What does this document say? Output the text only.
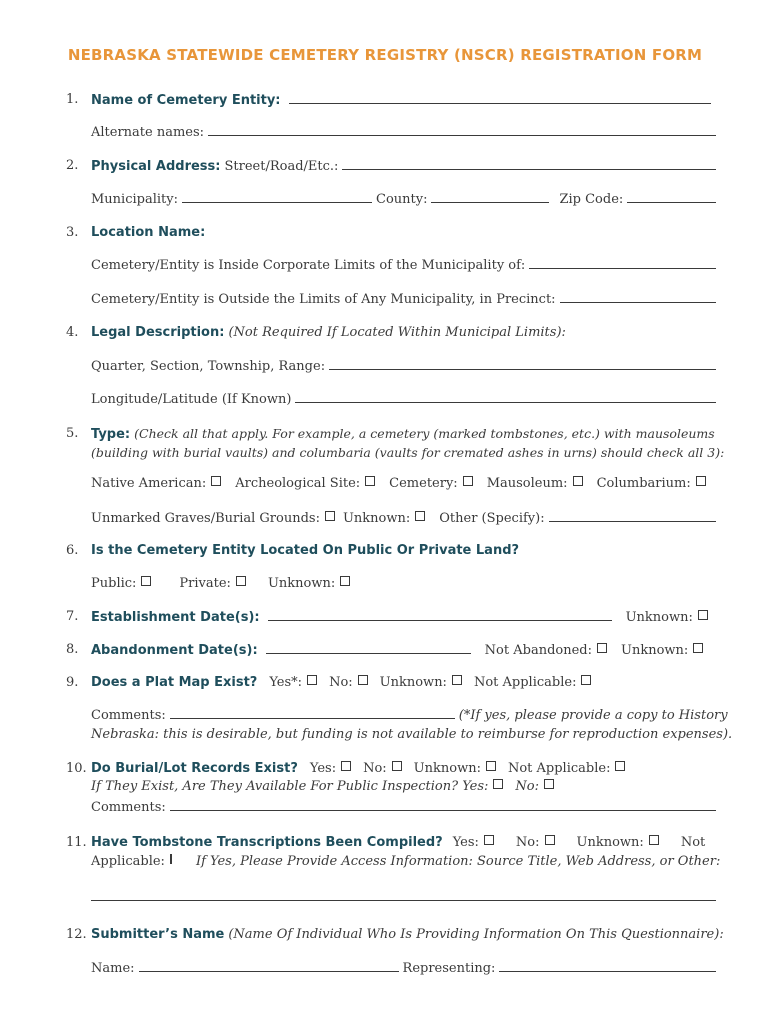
NEBRASKA STATEWIDE CEMETERY REGISTRY (NSCR) REGISTRATION FORM
1. Name of Cemetery Entity:
Alternate names:
2. Physical Address: Street/Road/Etc.:
Municipality:	County:	Zip Code:
3. Location Name:
Cemetery/Entity is Inside Corporate Limits of the Municipality of:
Cemetery/Entity is Outside the Limits of Any Municipality, in Precinct:
4. Legal Description: (Not Required If Located Within Municipal Limits):
Quarter, Section, Township, Range:
Longitude/Latitude (If Known)
5. Type: (Check all that apply. For example, a cemetery (marked tombstones, etc.) with mausoleums
(building with burial vaults) and columbaria (vaults for cremated ashes in urns) should check all 3):
Native American: Archeological Site: Cemetery: Mausoleum: Columbarium:
Unmarked Graves/Burial Grounds: Unknown: Other (Specify):
6. Is the Cemetery Entity Located On Public Or Private Land?
Public:	Private:	Unknown:
7. Establishment Date(s):	Unknown:
8. Abandonment Date(s):	Not Abandoned: Unknown:
9. Does a Plat Map Exist? Yes*: No: Unknown: Not Applicable:
Comments:	(*If yes, please provide a copy to History
Nebraska: this is desirable, but funding is not available to reimburse for reproduction expenses).
10. Do Burial/Lot Records Exist? Yes: No: Unknown: Not Applicable:
If They Exist, Are They Available For Public Inspection? Yes: No:
Comments:
11. Have Tombstone Transcriptions Been Compiled? Yes:	No:	Unknown:	Not
Applicable: If Yes, Please Provide Access Information: Source Title, Web Address, or Other:
12. Submitter’s Name (Name Of Individual Who Is Providing Information On This Questionnaire):
Name:	Representing:
